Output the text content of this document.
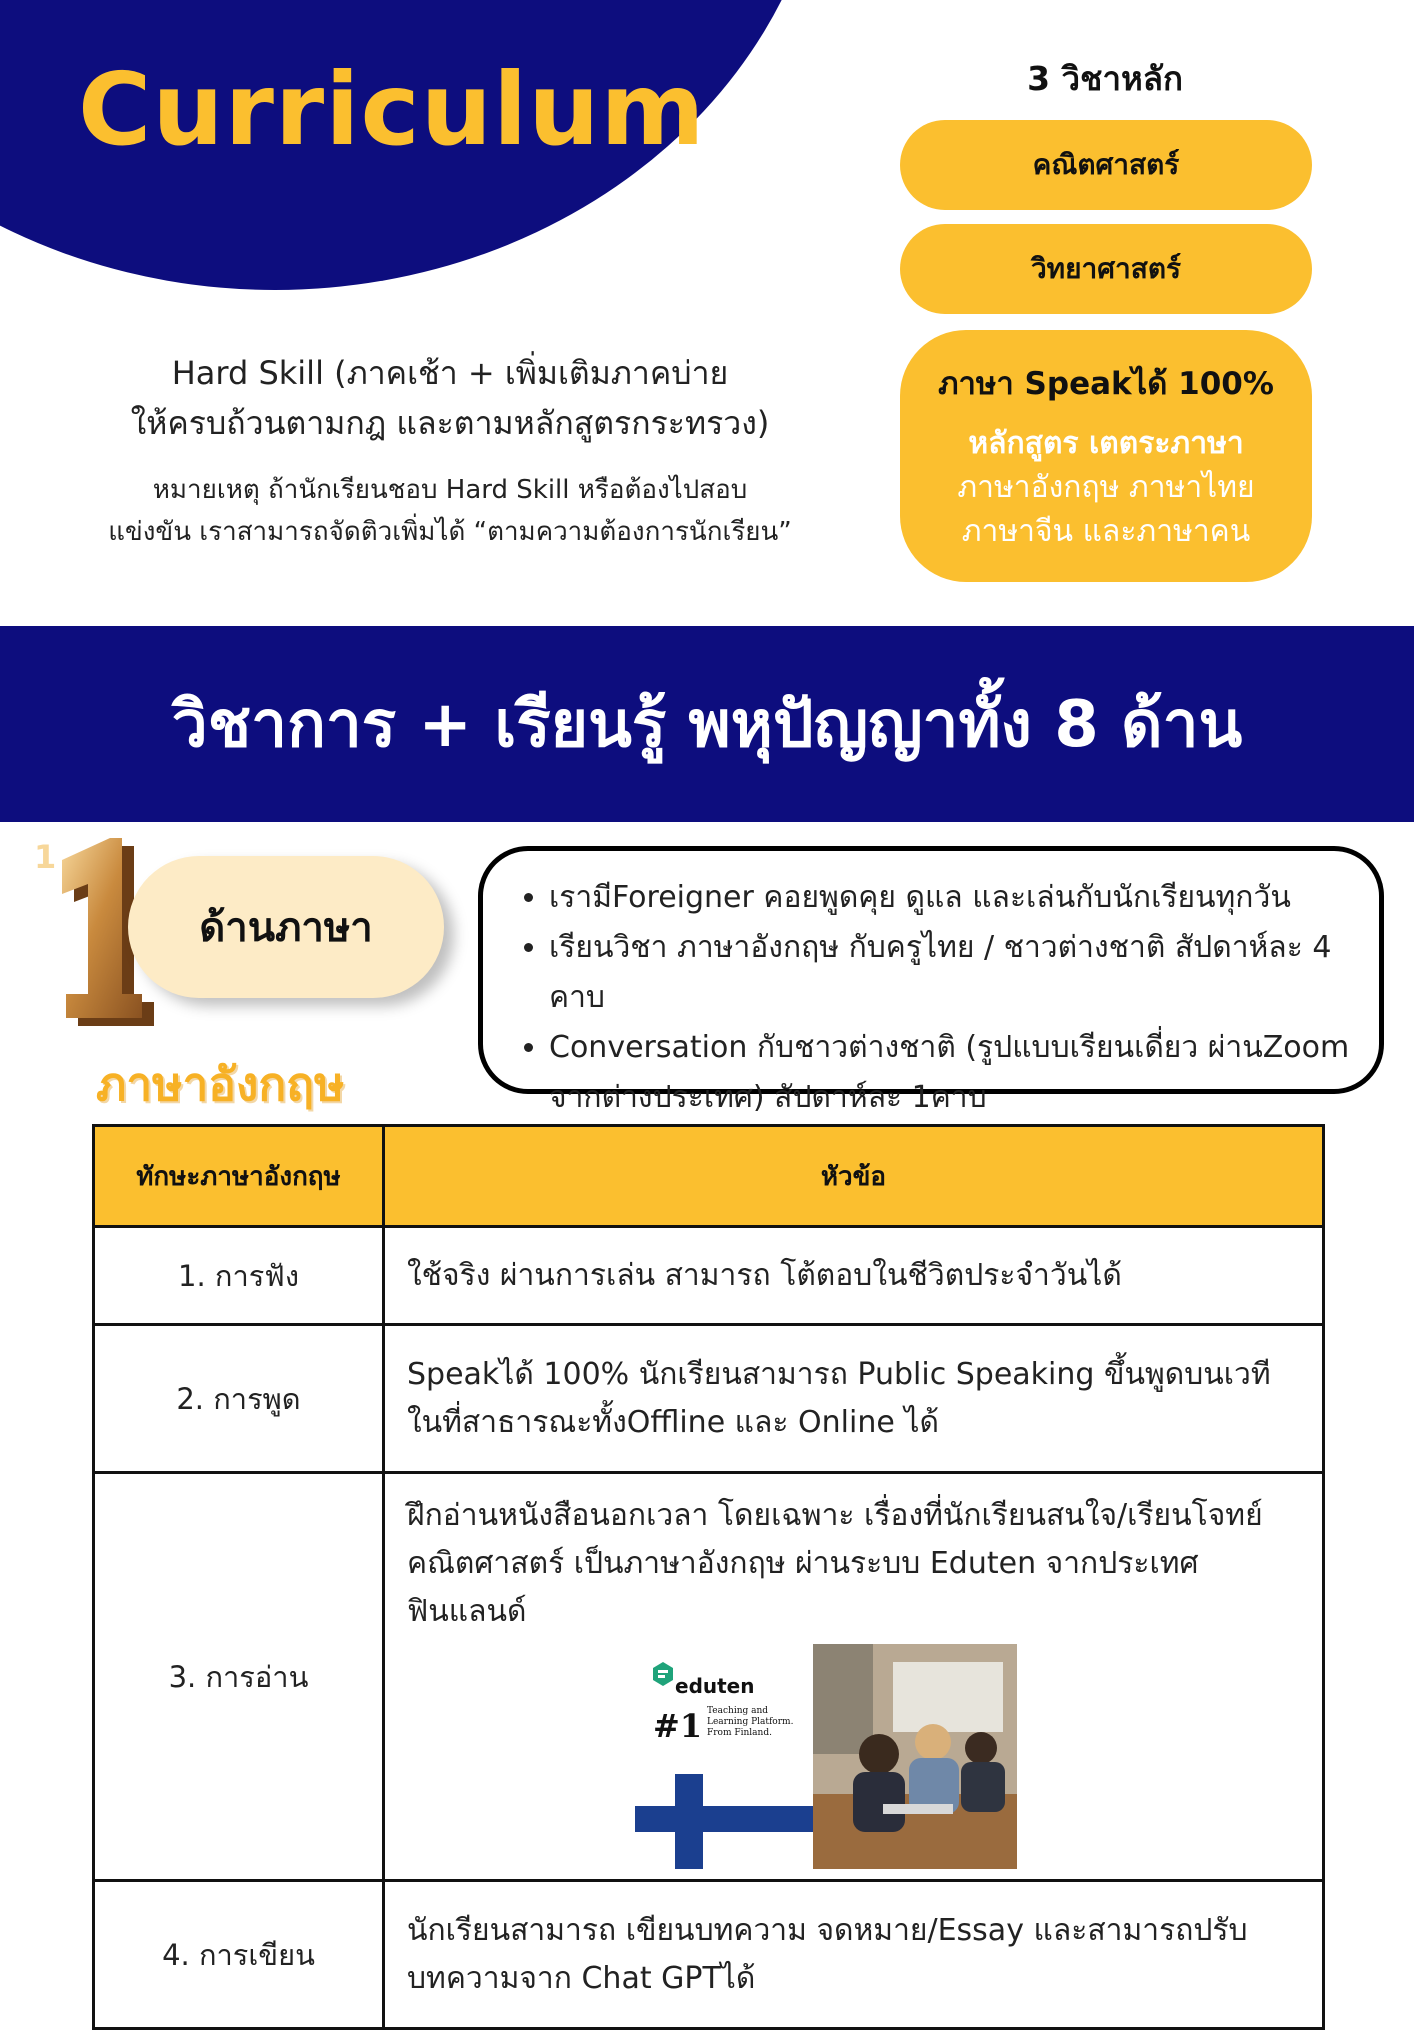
Curriculum

Hard Skill (ภาคเช้า + เพิ่มเติมภาคบ่าย

ให้ครบถ้วนตามกฎ และตามหลักสูตรกระทรวง)

หมายเหตุ ถ้านักเรียนชอบ Hard Skill หรือต้องไปสอบ

แข่งขัน เราสามารถจัดติวเพิ่มได้ “ตามความต้องการนักเรียน”

3 วิชาหลัก
คณิตศาสตร์
วิทยาศาสตร์
ภาษา Speakได้ 100%
หลักสูตร เตตระภาษา
ภาษาอังกฤษ ภาษาไทย
ภาษาจีน และภาษาคน
วิชาการ + เรียนรู้ พหุปัญญาทั้ง 8 ด้าน
1
ด้านภาษา
ภาษาอังกฤษ
• เรามีForeigner คอยพูดคุย ดูแล และเล่นกับนักเรียนทุกวัน
• เรียนวิชา ภาษาอังกฤษ กับครูไทย / ชาวต่างชาติ สัปดาห์ละ 4 คาบ
• Conversation กับชาวต่างชาติ (รูปแบบเรียนเดี่ยว ผ่านZoom จากต่างประเทศ) สัปดาห์ละ 1คาบ
ทักษะภาษาอังกฤษ	หัวข้อ
1. การฟัง	ใช้จริง ผ่านการเล่น สามารถ โต้ตอบในชีวิตประจำวันได้
2. การพูด	Speakได้ 100% นักเรียนสามารถ Public Speaking ขึ้นพูดบนเวที ในที่สาธารณะทั้งOffline และ Online ได้
3. การอ่าน	ฝึกอ่านหนังสือนอกเวลา โดยเฉพาะ เรื่องที่นักเรียนสนใจ/เรียนโจทย์คณิตศาสตร์ เป็นภาษาอังกฤษ ผ่านระบบ Eduten จากประเทศฟินแลนด์
eduten
#1 Teaching and Learning Platform. From Finland.

4. การเขียน	นักเรียนสามารถ เขียนบทความ จดหมาย/Essay และสามารถปรับ บทความจาก Chat GPTได้
